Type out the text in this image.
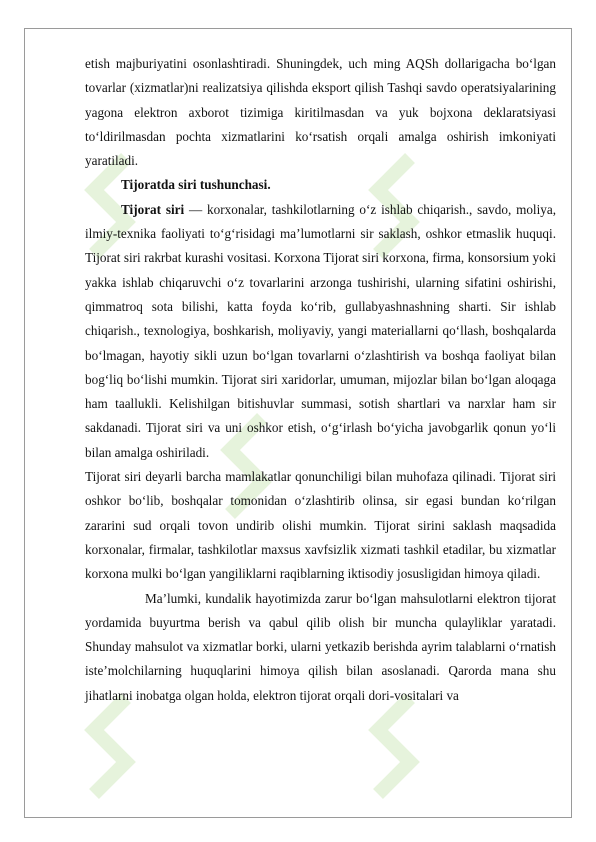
etish majburiyatini osonlashtiradi. Shuningdek, uch ming AQSh dollarigacha bo‘lgan tovarlar (xizmatlar)ni realizatsiya qilishda eksport qilish Tashqi savdo operatsiyalarining yagona elektron axborot tizimiga kiritilmasdan va yuk bojxona deklaratsiyasi to‘ldirilmasdan pochta xizmatlarini ko‘rsatish orqali amalga oshirish imkoniyati yaratiladi.

Tijoratda siri tushunchasi.

Tijorat siri — korxonalar, tashkilotlarning o‘z ishlab chiqarish., savdo, moliya, ilmiy-texnika faoliyati to‘g‘risidagi ma’lumotlarni sir saklash, oshkor etmaslik huquqi. Tijorat siri rakrbat kurashi vositasi. Korxona Tijorat siri korxona, firma, konsorsium yoki yakka ishlab chiqaruvchi o‘z tovarlarini arzonga tushirishi, ularning sifatini oshirishi, qimmatroq sota bilishi, katta foyda ko‘rib, gullabyashnashning sharti. Sir ishlab chiqarish., texnologiya, boshkarish, moliyaviy, yangi materiallarni qo‘llash, boshqalarda bo‘lmagan, hayotiy sikli uzun bo‘lgan tovarlarni o‘zlashtirish va boshqa faoliyat bilan bog‘liq bo‘lishi mumkin. Tijorat siri xaridorlar, umuman, mijozlar bilan bo‘lgan aloqaga ham taallukli. Kelishilgan bitishuvlar summasi, sotish shartlari va narxlar ham sir sakdanadi. Tijorat siri va uni oshkor etish, o‘g‘irlash bo‘yicha javobgarlik qonun yo‘li bilan amalga oshiriladi.

Tijorat siri deyarli barcha mamlakatlar qonunchiligi bilan muhofaza qilinadi. Tijorat siri oshkor bo‘lib, boshqalar tomonidan o‘zlashtirib olinsa, sir egasi bundan ko‘rilgan zararini sud orqali tovon undirib olishi mumkin. Tijorat sirini saklash maqsadida korxonalar, firmalar, tashkilotlar maxsus xavfsizlik xizmati tashkil etadilar, bu xizmatlar korxona mulki bo‘lgan yangiliklarni raqiblarning iktisodiy josusligidan himoya qiladi.

Ma’lumki, kundalik hayotimizda zarur bo‘lgan mahsulotlarni elektron tijorat yordamida buyurtma berish va qabul qilib olish bir muncha qulayliklar yaratadi. Shunday mahsulot va xizmatlar borki, ularni yetkazib berishda ayrim talablarni o‘rnatish iste’molchilarning huquqlarini himoya qilish bilan asoslanadi. Qarorda mana shu jihatlarni inobatga olgan holda, elektron tijorat orqali dori-vositalari va
